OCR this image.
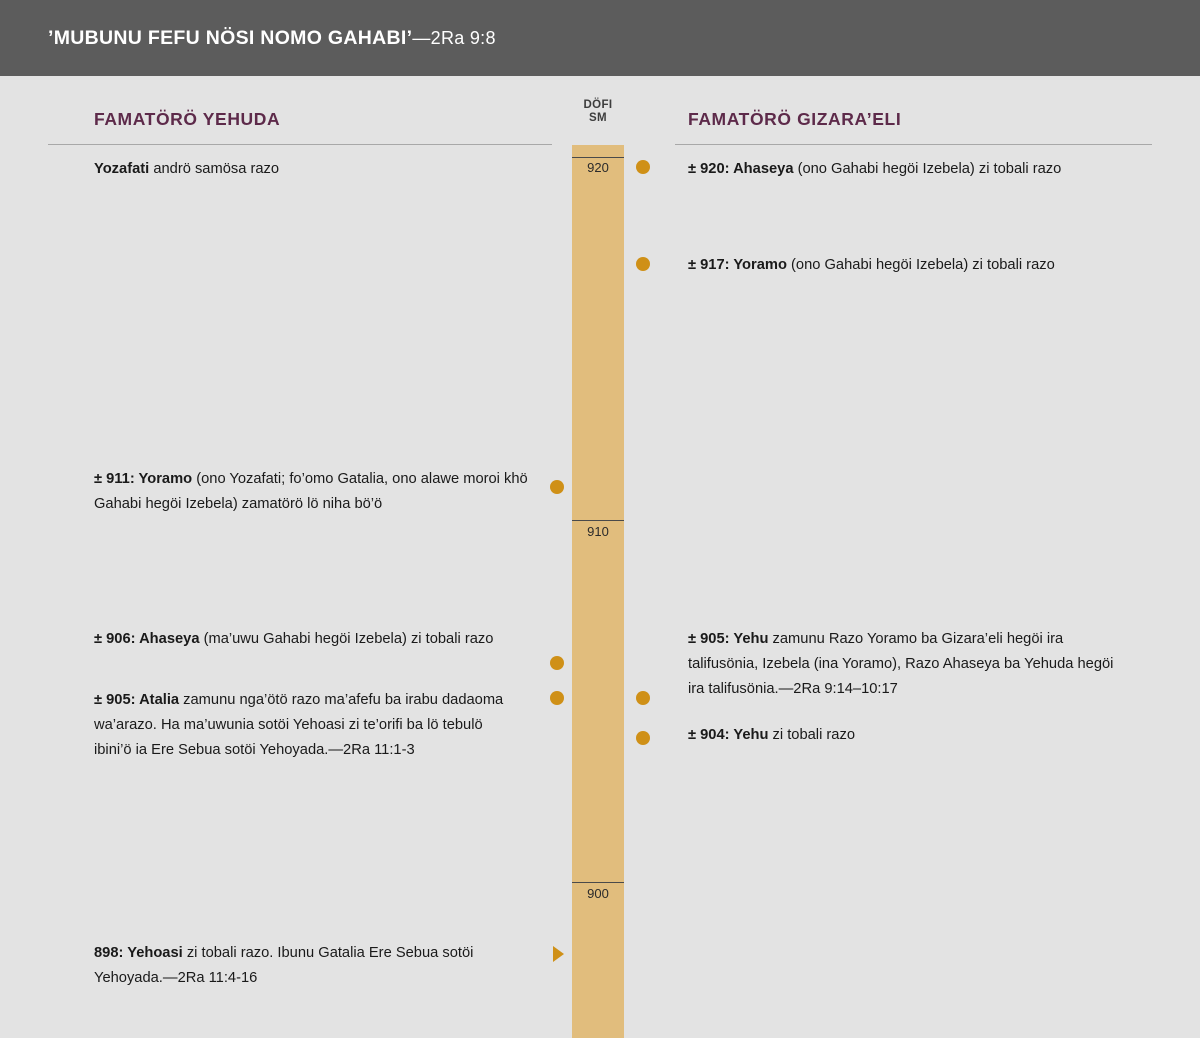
’MUBUNU FEFU NÖSI NOMO GAHABI’—2Ra 9:8
FAMATÖRÖ YEHUDA	FAMATÖRÖ GIZARA’ELI
DÖFI
SM
920
910
900
Yozafati andrö samösa razo
± 911: Yoramo (ono Yozafati; fo’omo Gatalia, ono alawe moroi khö Gahabi hegöi Izebela) zamatörö lö niha bö’ö
± 906: Ahaseya (ma’uwu Gahabi hegöi Izebela) zi tobali razo
± 905: Atalia zamunu nga’ötö razo ma’afefu ba irabu dadaoma wa’arazo. Ha ma’uwunia sotöi Yehoasi zi te’orifi ba lö tebulö ibini’ö ia Ere Sebua sotöi Yehoyada.—2Ra 11:1-3
898: Yehoasi zi tobali razo. Ibunu Gatalia Ere Sebua sotöi Yehoyada.—2Ra 11:4-16
± 920: Ahaseya (ono Gahabi hegöi Izebela) zi tobali razo
± 917: Yoramo (ono Gahabi hegöi Izebela) zi tobali razo
± 905: Yehu zamunu Razo Yoramo ba Gizara’eli hegöi ira talifusönia, Izebela (ina Yoramo), Razo Ahaseya ba Yehuda hegöi ira talifusönia.—2Ra 9:14–10:17
± 904: Yehu zi tobali razo
